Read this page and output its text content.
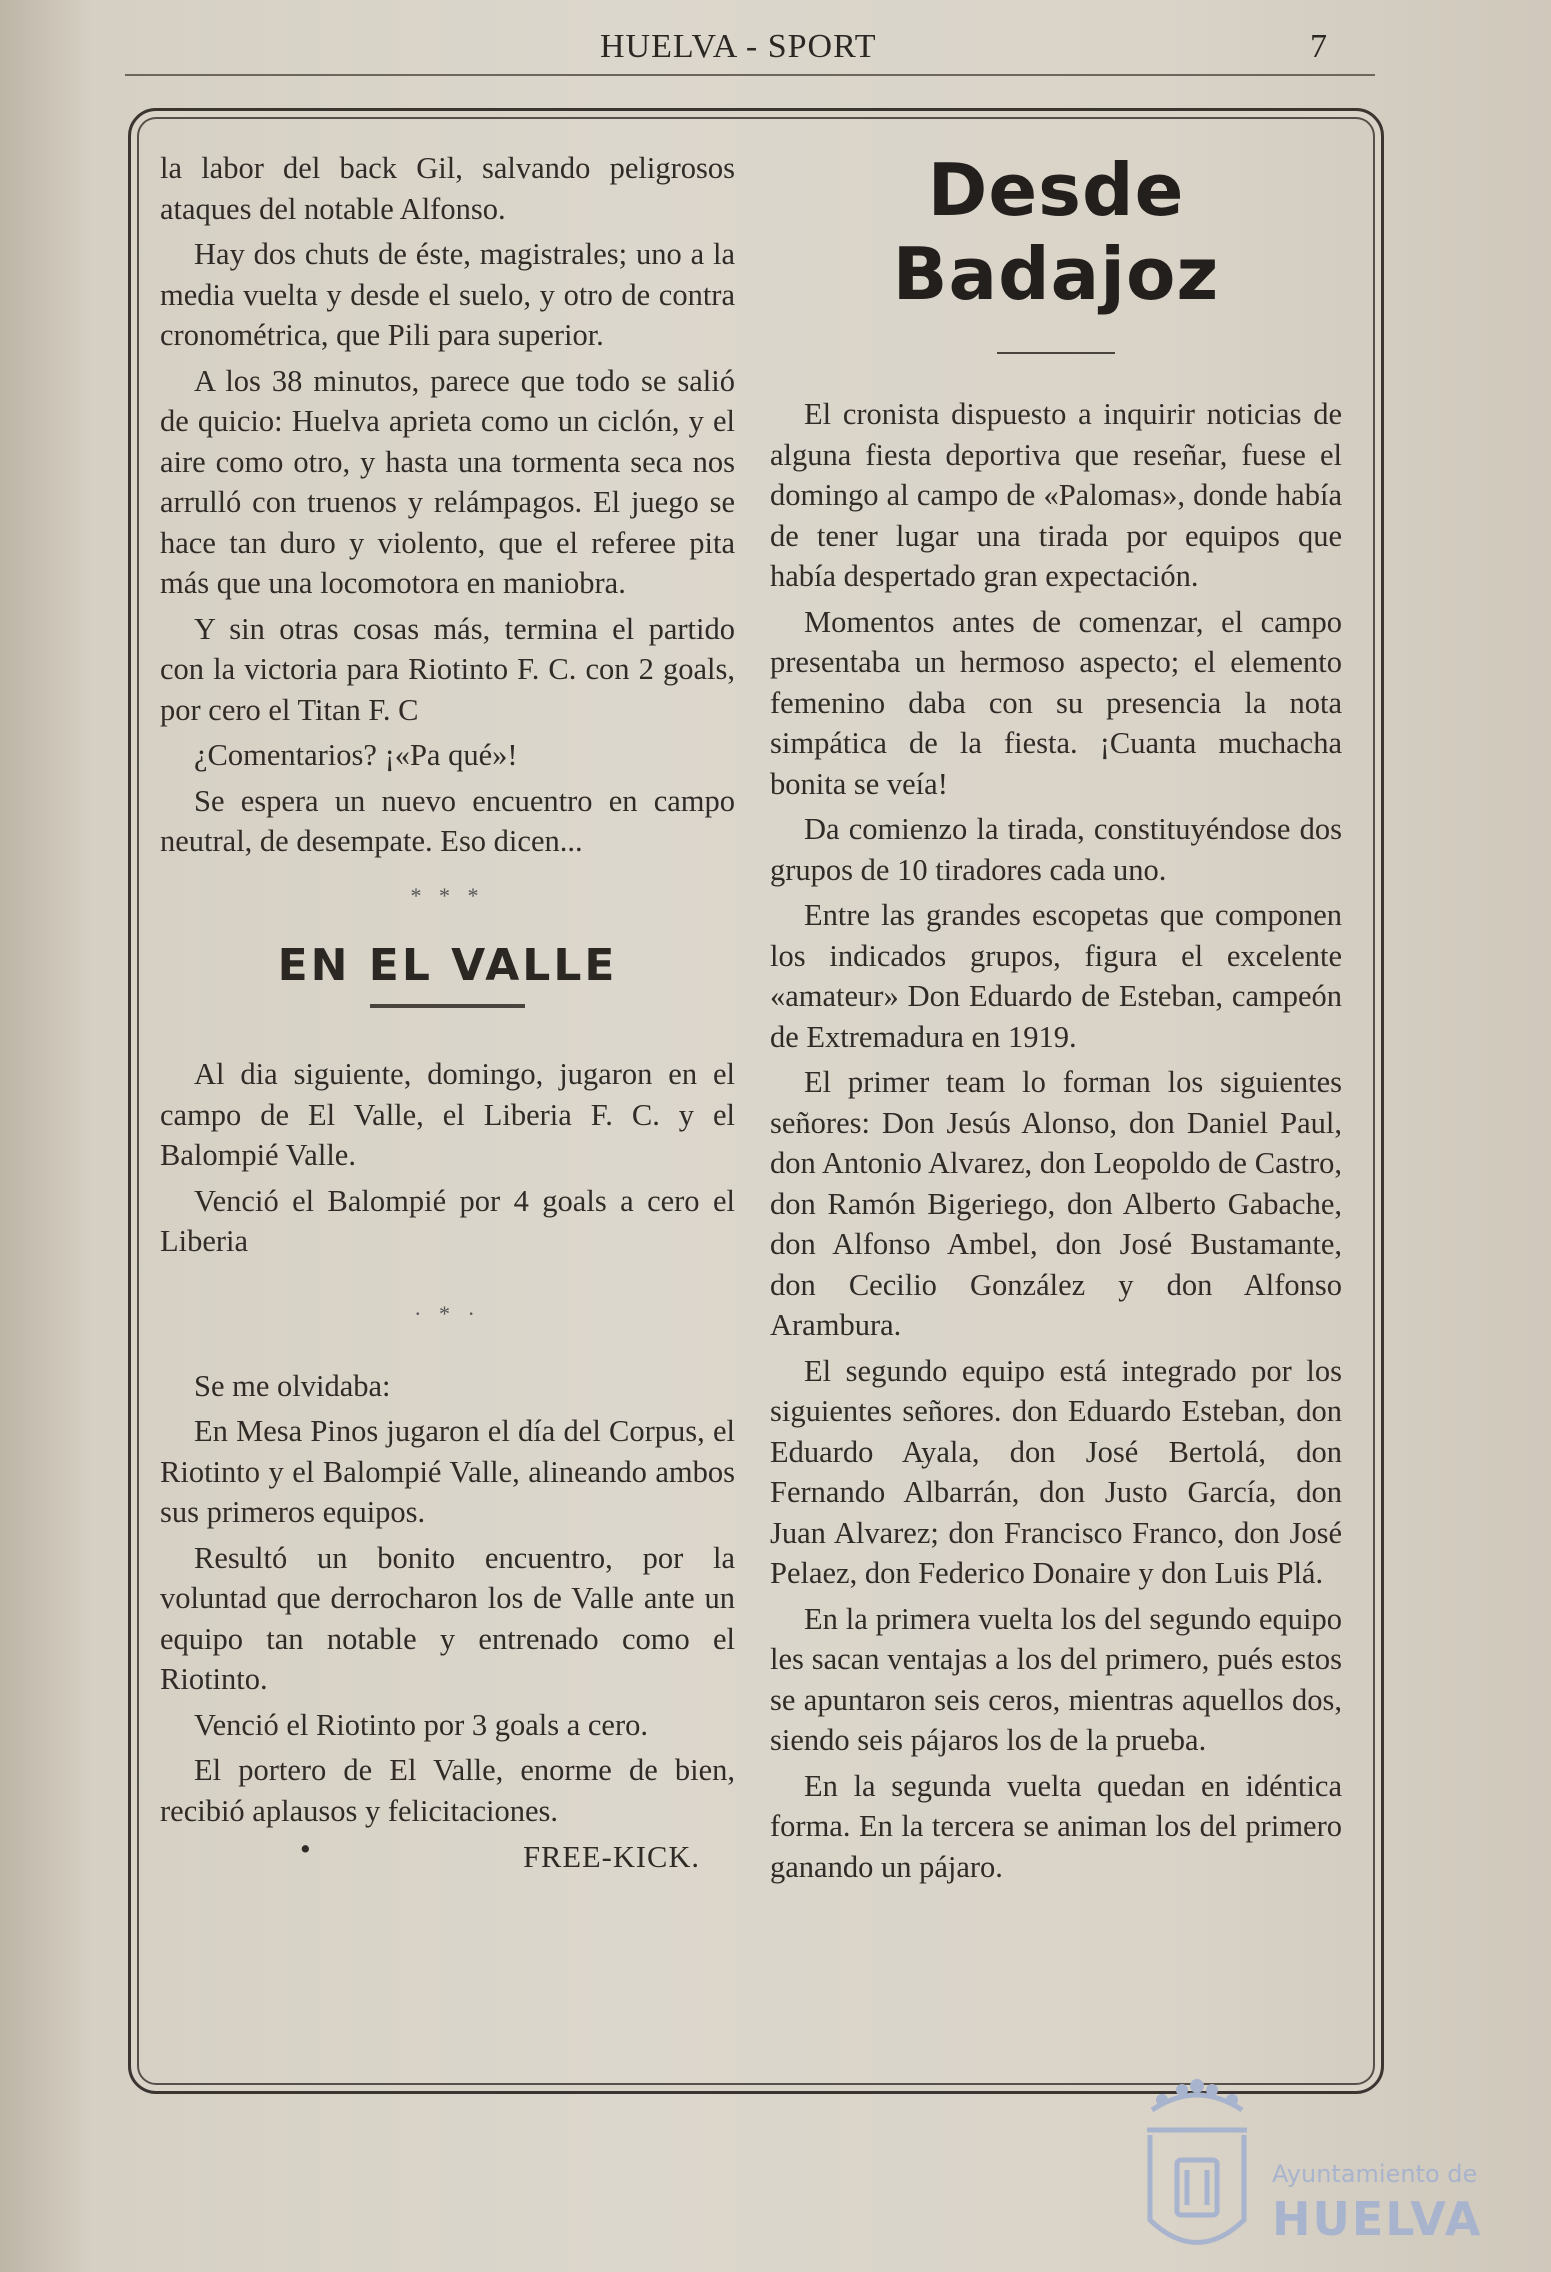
HUELVA - SPORT	7

la labor del back Gil, salvando peligrosos ataques del notable Alfonso.

Hay dos chuts de éste, magistrales; uno a la media vuelta y desde el suelo, y otro de contra cronométrica, que Pili para superior.

A los 38 minutos, parece que todo se salió de quicio: Huelva aprieta como un ciclón, y el aire como otro, y hasta una tormenta seca nos arrulló con truenos y relámpagos. El juego se hace tan duro y violento, que el referee pita más que una locomotora en maniobra.

Y sin otras cosas más, termina el partido con la victoria para Riotinto F. C. con 2 goals, por cero el Titan F. C

¿Comentarios? ¡«Pa qué»!

Se espera un nuevo encuentro en campo neutral, de desempate. Eso dicen...

* * *
EN EL VALLE

Al dia siguiente, domingo, jugaron en el campo de El Valle, el Liberia F. C. y el Balompié Valle.

Venció el Balompié por 4 goals a cero el Liberia

· * ·

Se me olvidaba:

En Mesa Pinos jugaron el día del Corpus, el Riotinto y el Balompié Valle, alineando ambos sus primeros equipos.

Resultó un bonito encuentro, por la voluntad que derrocharon los de Valle ante un equipo tan notable y entrenado como el Riotinto.

Venció el Riotinto por 3 goals a cero.

El portero de El Valle, enorme de bien, recibió aplausos y felicitaciones.

•	FREE-KICK.
Desde Badajoz

El cronista dispuesto a inquirir noticias de alguna fiesta deportiva que reseñar, fuese el domingo al campo de «Palomas», donde había de tener lugar una tirada por equipos que había despertado gran expectación.

Momentos antes de comenzar, el campo presentaba un hermoso aspecto; el elemento femenino daba con su presencia la nota simpática de la fiesta. ¡Cuanta muchacha bonita se veía!

Da comienzo la tirada, constituyéndose dos grupos de 10 tiradores cada uno.

Entre las grandes escopetas que componen los indicados grupos, figura el excelente «amateur» Don Eduardo de Esteban, campeón de Extremadura en 1919.

El primer team lo forman los siguientes señores: Don Jesús Alonso, don Daniel Paul, don Antonio Alvarez, don Leopoldo de Castro, don Ramón Bigeriego, don Alberto Gabache, don Alfonso Ambel, don José Bustamante, don Cecilio González y don Alfonso Arambura.

El segundo equipo está integrado por los siguientes señores. don Eduardo Esteban, don Eduardo Ayala, don José Bertolá, don Fernando Albarrán, don Justo García, don Juan Alvarez; don Francisco Franco, don José Pelaez, don Federico Donaire y don Luis Plá.

En la primera vuelta los del segundo equipo les sacan ventajas a los del primero, pués estos se apuntaron seis ceros, mientras aquellos dos, siendo seis pájaros los de la prueba.

En la segunda vuelta quedan en idéntica forma. En la tercera se animan los del primero ganando un pájaro.

Ayuntamiento de
HUELVA
